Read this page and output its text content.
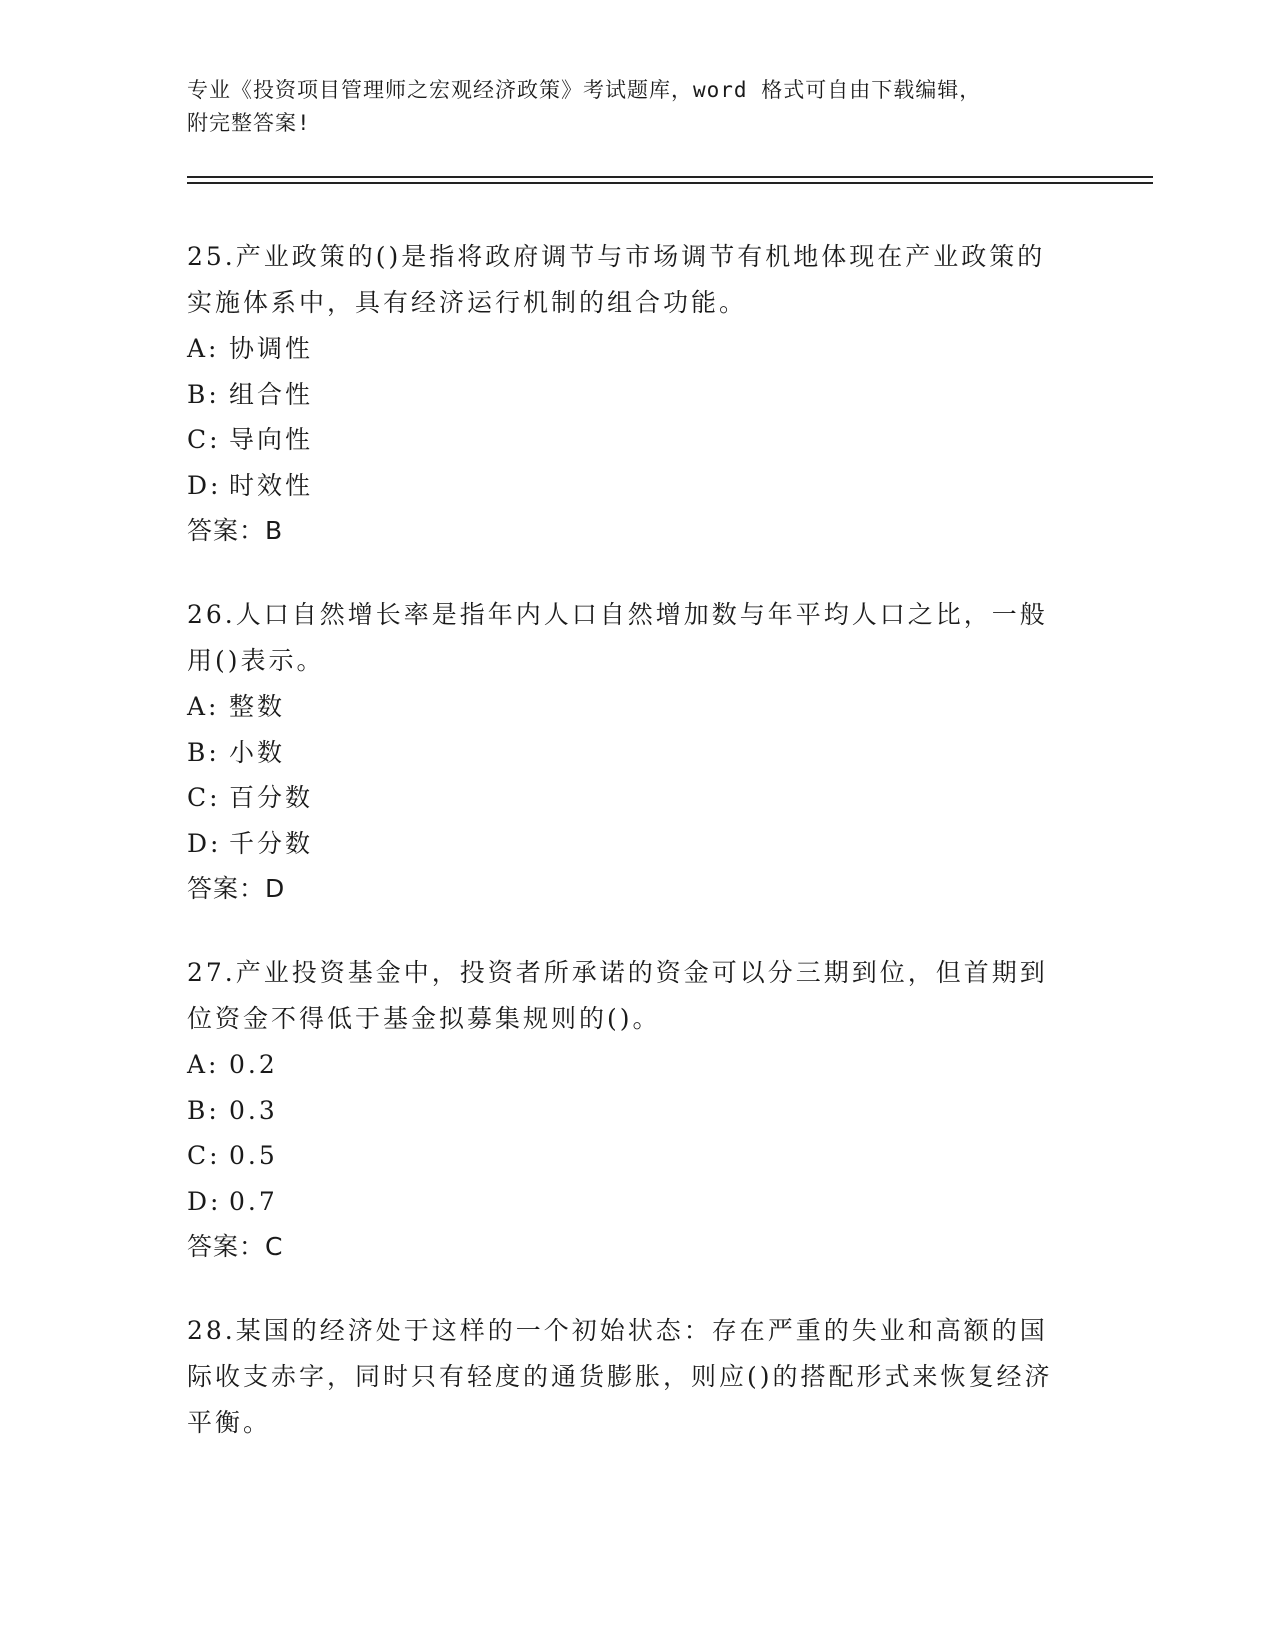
专业《投资项目管理师之宏观经济政策》考试题库，word 格式可自由下载编辑，
附完整答案!

25.产业政策的()是指将政府调节与市场调节有机地体现在产业政策的实施体系中，具有经济运行机制的组合功能。

A: 协调性
B: 组合性
C: 导向性
D: 时效性
答案：B

26.人口自然增长率是指年内人口自然增加数与年平均人口之比，一般用()表示。

A: 整数
B: 小数
C: 百分数
D: 千分数
答案：D

27.产业投资基金中，投资者所承诺的资金可以分三期到位，但首期到位资金不得低于基金拟募集规则的()。

A: 0.2
B: 0.3
C: 0.5
D: 0.7
答案：C

28.某国的经济处于这样的一个初始状态：存在严重的失业和高额的国际收支赤字，同时只有轻度的通货膨胀，则应()的搭配形式来恢复经济平衡。
